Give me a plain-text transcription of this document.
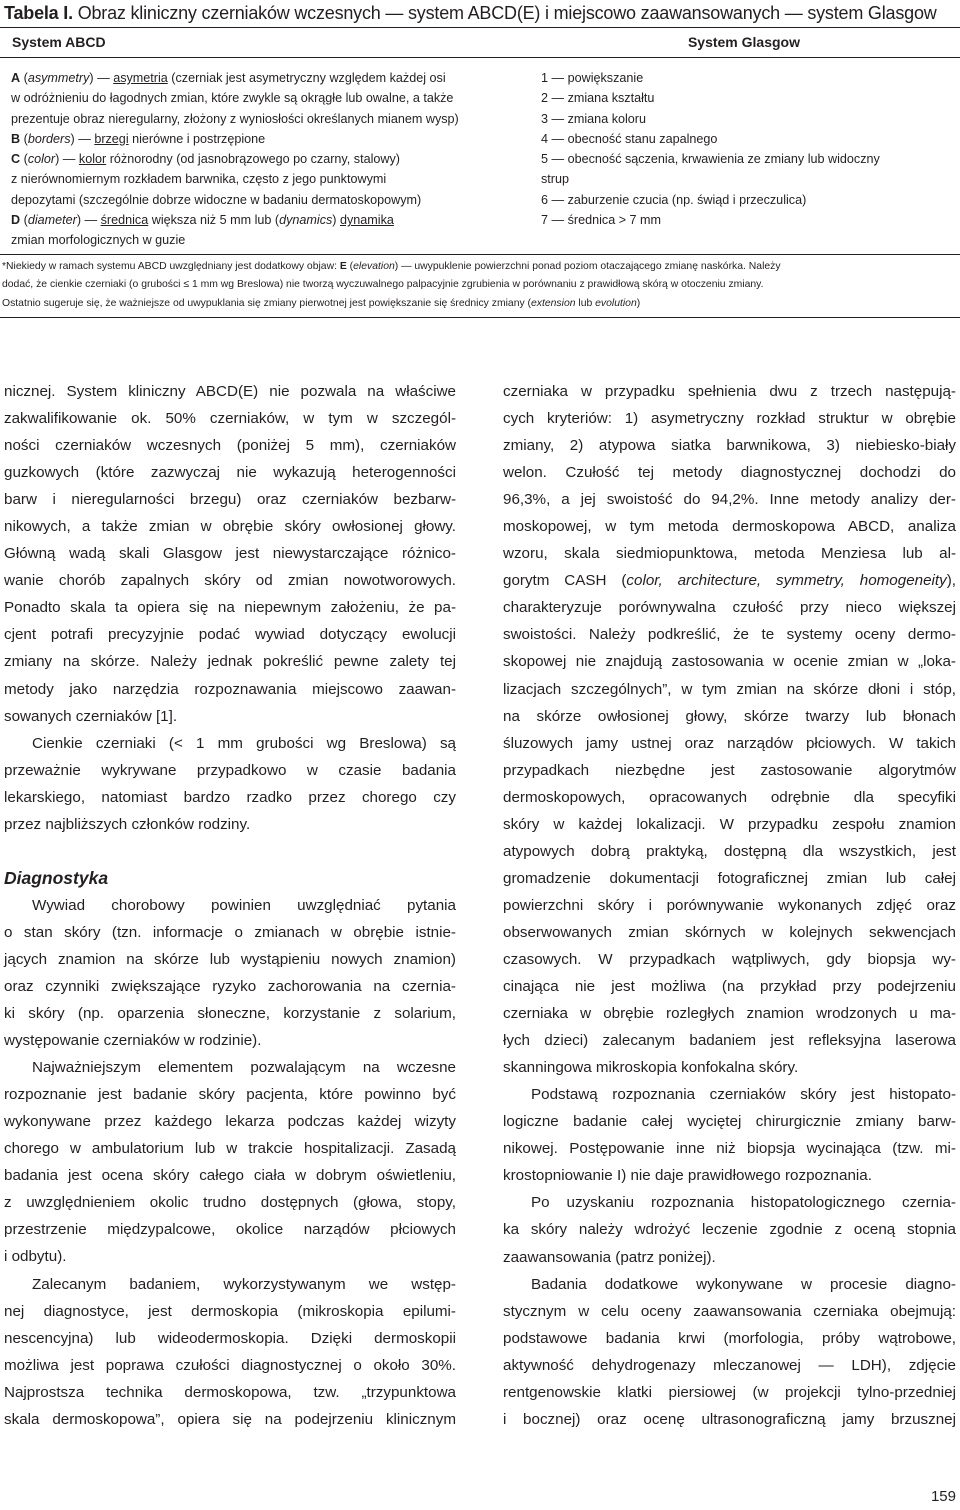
Tabela I. Obraz kliniczny czerniaków wczesnych — system ABCD(E) i miejscowo zaawansowanych — system Glasgow
System ABCD	System Glasgow
A (asymmetry) — asymetria (czerniak jest asymetryczny względem każdej osi
w odróżnieniu do łagodnych zmian, które zwykle są okrągłe lub owalne, a także
prezentuje obraz nieregularny, złożony z wyniosłości określanych mianem wysp)
B (borders) — brzegi nierówne i postrzępione
C (color) — kolor różnorodny (od jasnobrązowego po czarny, stalowy)
z nierównomiernym rozkładem barwnika, często z jego punktowymi
depozytami (szczególnie dobrze widoczne w badaniu dermatoskopowym)
D (diameter) — średnica większa niż 5 mm lub (dynamics) dynamika
zmian morfologicznych w guzie
1 — powiększanie
2 — zmiana kształtu
3 — zmiana koloru
4 — obecność stanu zapalnego
5 — obecność sączenia, krwawienia ze zmiany lub widoczny
strup
6 — zaburzenie czucia (np. świąd i przeczulica)
7 — średnica > 7 mm
*Niekiedy w ramach systemu ABCD uwzględniany jest dodatkowy objaw: E (elevation) — uwypuklenie powierzchni ponad poziom otaczającego zmianę naskórka. Należy
dodać, że cienkie czerniaki (o grubości ≤ 1 mm wg Breslowa) nie tworzą wyczuwalnego palpacyjnie zgrubienia w porównaniu z prawidłową skórą w otoczeniu zmiany.
Ostatnio sugeruje się, że ważniejsze od uwypuklania się zmiany pierwotnej jest powiększanie się średnicy zmiany (extension lub evolution)
nicznej. System kliniczny ABCD(E) nie pozwala na właściwe
zakwalifikowanie ok. 50% czerniaków, w tym w szczegól-
ności czerniaków wczesnych (poniżej 5 mm), czerniaków
guzkowych (które zazwyczaj nie wykazują heterogenności
barw i nieregularności brzegu) oraz czerniaków bezbarw-
nikowych, a także zmian w obrębie skóry owłosionej głowy.
Główną wadą skali Glasgow jest niewystarczające różnico-
wanie chorób zapalnych skóry od zmian nowotworowych.
Ponadto skala ta opiera się na niepewnym założeniu, że pa-
cjent potrafi precyzyjnie podać wywiad dotyczący ewolucji
zmiany na skórze. Należy jednak pokreślić pewne zalety tej
metody jako narzędzia rozpoznawania miejscowo zaawan-
sowanych czerniaków [1].
Cienkie czerniaki (< 1 mm grubości wg Breslowa) są
przeważnie wykrywane przypadkowo w czasie badania
lekarskiego, natomiast bardzo rzadko przez chorego czy
przez najbliższych członków rodziny.
Diagnostyka
Wywiad chorobowy powinien uwzględniać pytania
o stan skóry (tzn. informacje o zmianach w obrębie istnie-
jących znamion na skórze lub wystąpieniu nowych znamion)
oraz czynniki zwiększające ryzyko zachorowania na czernia-
ki skóry (np. oparzenia słoneczne, korzystanie z solarium,
występowanie czerniaków w rodzinie).
Najważniejszym elementem pozwalającym na wczesne
rozpoznanie jest badanie skóry pacjenta, które powinno być
wykonywane przez każdego lekarza podczas każdej wizyty
chorego w ambulatorium lub w trakcie hospitalizacji. Zasadą
badania jest ocena skóry całego ciała w dobrym oświetleniu,
z uwzględnieniem okolic trudno dostępnych (głowa, stopy,
przestrzenie międzypalcowe, okolice narządów płciowych
i odbytu).
Zalecanym badaniem, wykorzystywanym we wstęp-
nej diagnostyce, jest dermoskopia (mikroskopia epilumi-
nescencyjna) lub wideodermoskopia. Dzięki dermoskopii
możliwa jest poprawa czułości diagnostycznej o około 30%.
Najprostsza technika dermoskopowa, tzw. „trzypunktowa
skala dermoskopowa”, opiera się na podejrzeniu klinicznym
czerniaka w przypadku spełnienia dwu z trzech następują-
cych kryteriów: 1) asymetryczny rozkład struktur w obrębie
zmiany, 2) atypowa siatka barwnikowa, 3) niebiesko-biały
welon. Czułość tej metody diagnostycznej dochodzi do
96,3%, a jej swoistość do 94,2%. Inne metody analizy der-
moskopowej, w tym metoda dermoskopowa ABCD, analiza
wzoru, skala siedmiopunktowa, metoda Menziesa lub al-
gorytm CASH (color, architecture, symmetry, homogeneity),
charakteryzuje porównywalna czułość przy nieco większej
swoistości. Należy podkreślić, że te systemy oceny dermo-
skopowej nie znajdują zastosowania w ocenie zmian w „loka-
lizacjach szczególnych”, w tym zmian na skórze dłoni i stóp,
na skórze owłosionej głowy, skórze twarzy lub błonach
śluzowych jamy ustnej oraz narządów płciowych. W takich
przypadkach niezbędne jest zastosowanie algorytmów
dermoskopowych, opracowanych odrębnie dla specyfiki
skóry w każdej lokalizacji. W przypadku zespołu znamion
atypowych dobrą praktyką, dostępną dla wszystkich, jest
gromadzenie dokumentacji fotograficznej zmian lub całej
powierzchni skóry i porównywanie wykonanych zdjęć oraz
obserwowanych zmian skórnych w kolejnych sekwencjach
czasowych. W przypadkach wątpliwych, gdy biopsja wy-
cinająca nie jest możliwa (na przykład przy podejrzeniu
czerniaka w obrębie rozległych znamion wrodzonych u ma-
łych dzieci) zalecanym badaniem jest refleksyjna laserowa
skanningowa mikroskopia konfokalna skóry.
Podstawą rozpoznania czerniaków skóry jest histopato-
logiczne badanie całej wyciętej chirurgicznie zmiany barw-
nikowej. Postępowanie inne niż biopsja wycinająca (tzw. mi-
krostopniowanie I) nie daje prawidłowego rozpoznania.
Po uzyskaniu rozpoznania histopatologicznego czernia-
ka skóry należy wdrożyć leczenie zgodnie z oceną stopnia
zaawansowania (patrz poniżej).
Badania dodatkowe wykonywane w procesie diagno-
stycznym w celu oceny zaawansowania czerniaka obejmują:
podstawowe badania krwi (morfologia, próby wątrobowe,
aktywność dehydrogenazy mleczanowej — LDH), zdjęcie
rentgenowskie klatki piersiowej (w projekcji tylno-przedniej
i bocznej) oraz ocenę ultrasonograficzną jamy brzusznej
159
